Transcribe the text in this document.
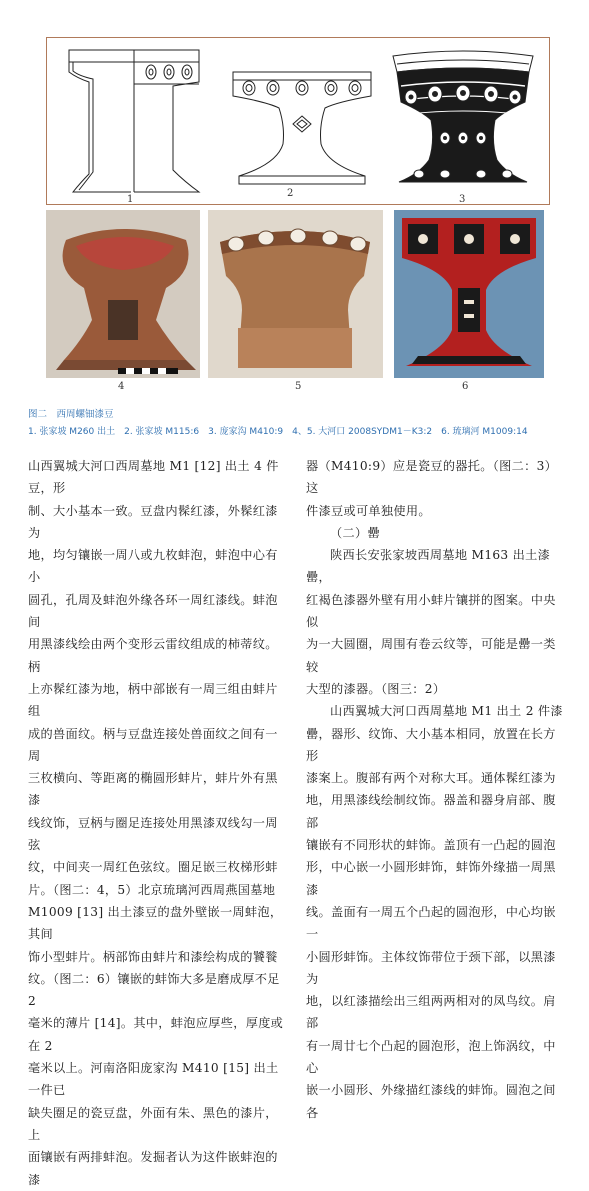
1
2
3
4	5	6
图二　西周螺钿漆豆
1. 张家坡 M260 出土　2. 张家坡 M115:6　3. 庞家沟 M410:9　4、5. 大河口 2008SYDM1－K3:2　6. 琉璃河 M1009:14

山西翼城大河口西周墓地 M1 [12] 出土 4 件豆，形

制、大小基本一致。豆盘内髹红漆，外髹红漆为

地，均匀镶嵌一周八或九枚蚌泡，蚌泡中心有小

圆孔，孔周及蚌泡外缘各环一周红漆线。蚌泡间

用黑漆线绘由两个变形云雷纹组成的柿蒂纹。柄

上亦髹红漆为地，柄中部嵌有一周三组由蚌片组

成的兽面纹。柄与豆盘连接处兽面纹之间有一周

三枚横向、等距离的椭圆形蚌片，蚌片外有黑漆

线纹饰，豆柄与圈足连接处用黑漆双线勾一周弦

纹，中间夹一周红色弦纹。圈足嵌三枚梯形蚌

片。（图二：4，5）北京琉璃河西周燕国墓地

M1009 [13] 出土漆豆的盘外壁嵌一周蚌泡，其间

饰小型蚌片。柄部饰由蚌片和漆绘构成的饕餮

纹。（图二：6）镶嵌的蚌饰大多是磨成厚不足 2

毫米的薄片 [14]。其中，蚌泡应厚些，厚度或在 2

毫米以上。河南洛阳庞家沟 M410 [15] 出土一件已

缺失圈足的瓷豆盘，外面有朱、黑色的漆片，上

面镶嵌有两排蚌泡。发掘者认为这件嵌蚌泡的漆

器（M410:9）应是瓷豆的器托。（图二：3）这

件漆豆或可单独使用。

（二）罍

陕西长安张家坡西周墓地 M163 出土漆罍，

红褐色漆器外壁有用小蚌片镶拼的图案。中央似

为一大圆圈，周围有卷云纹等，可能是罍一类较

大型的漆器。（图三：2）

山西翼城大河口西周墓地 M1 出土 2 件漆

罍，器形、纹饰、大小基本相同，放置在长方形

漆案上。腹部有两个对称大耳。通体髹红漆为

地，用黑漆线绘制纹饰。器盖和器身肩部、腹部

镶嵌有不同形状的蚌饰。盖顶有一凸起的圆泡

形，中心嵌一小圆形蚌饰，蚌饰外缘描一周黑漆

线。盖面有一周五个凸起的圆泡形，中心均嵌一

小圆形蚌饰。主体纹饰带位于颈下部，以黑漆为

地，以红漆描绘出三组两两相对的凤鸟纹。肩部

有一周廿七个凸起的圆泡形，泡上饰涡纹，中心

嵌一小圆形、外缘描红漆线的蚌饰。圆泡之间各
